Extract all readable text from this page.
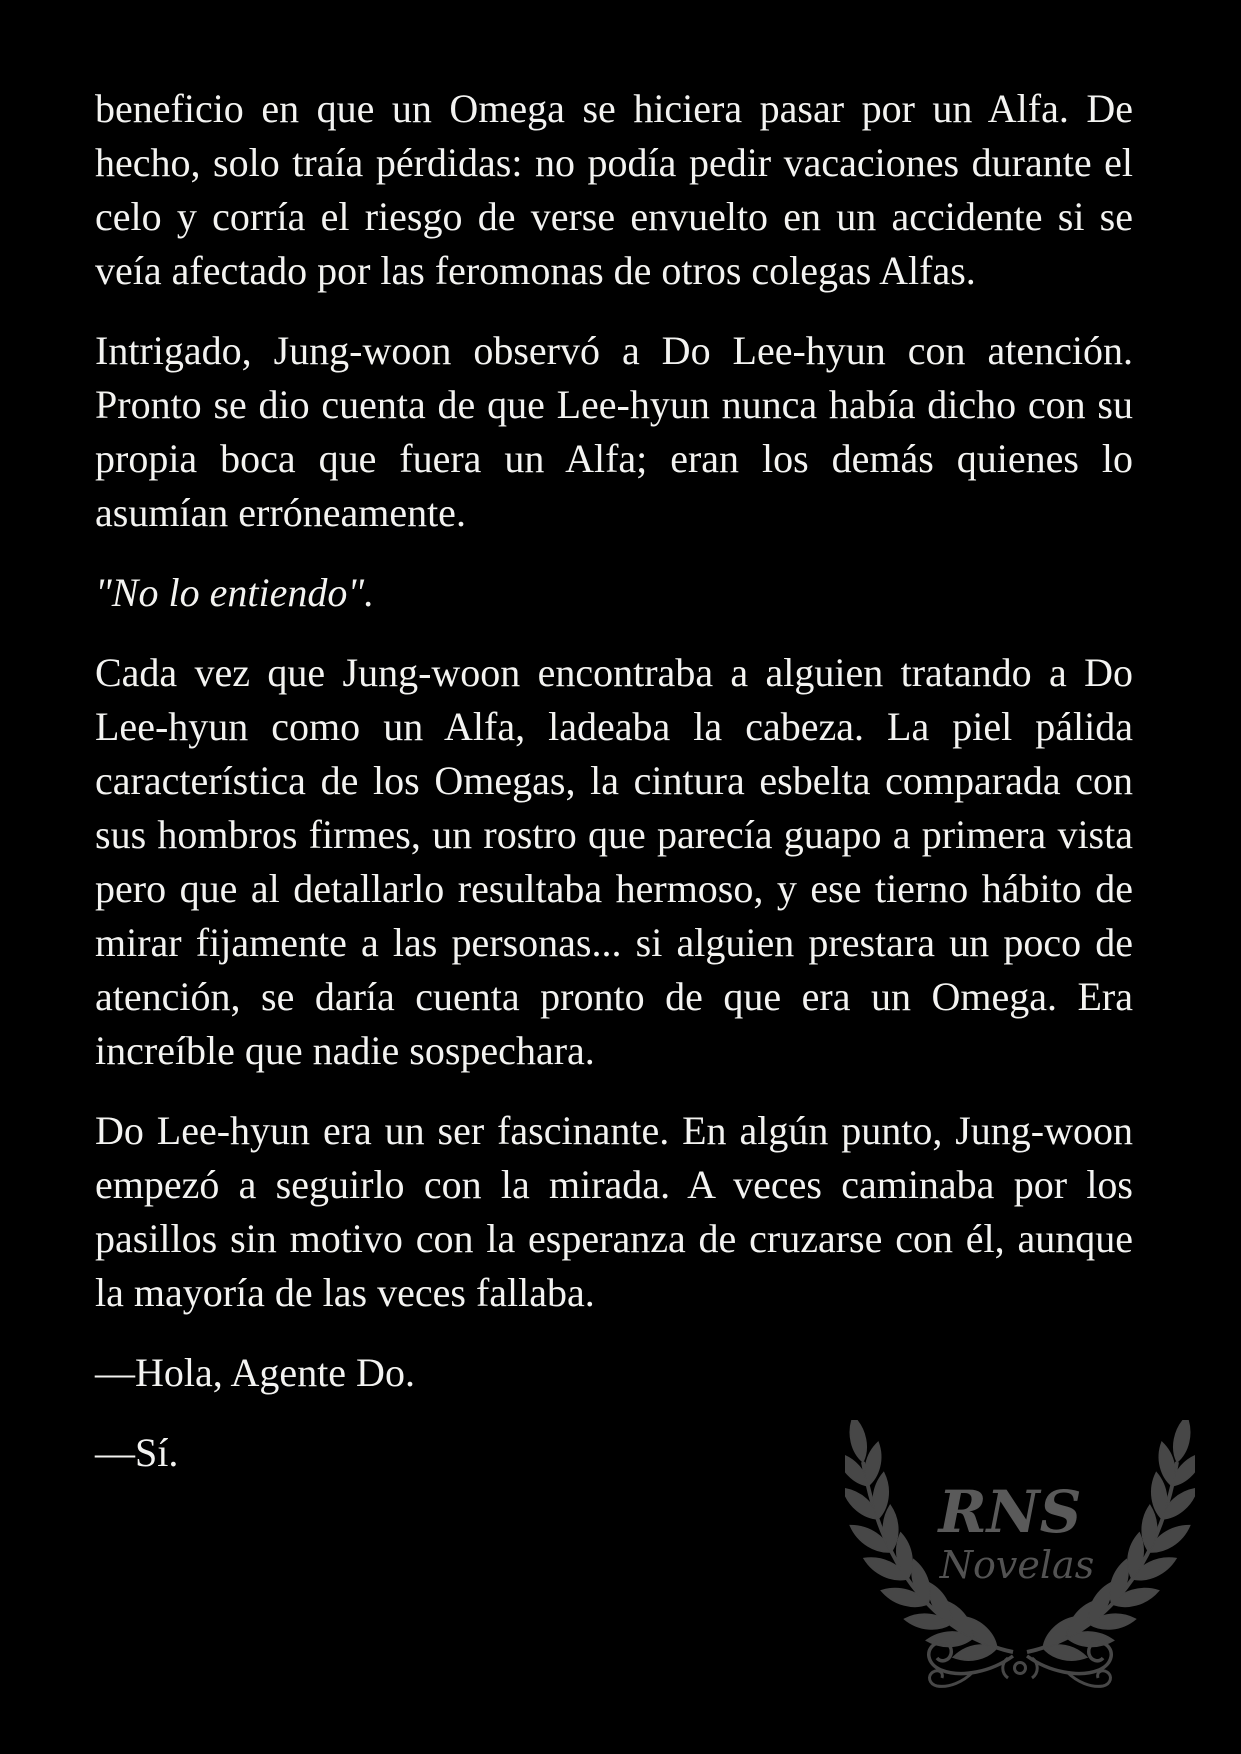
beneficio en que un Omega se hiciera pasar por un Alfa. De hecho, solo traía pérdidas: no podía pedir vacaciones durante el celo y corría el riesgo de verse envuelto en un accidente si se veía afectado por las feromonas de otros colegas Alfas.

Intrigado, Jung-woon observó a Do Lee-hyun con atención. Pronto se dio cuenta de que Lee-hyun nunca había dicho con su propia boca que fuera un Alfa; eran los demás quienes lo asumían erróneamente.

"No lo entiendo".

Cada vez que Jung-woon encontraba a alguien tratando a Do Lee-hyun como un Alfa, ladeaba la cabeza. La piel pálida característica de los Omegas, la cintura esbelta comparada con sus hombros firmes, un rostro que parecía guapo a primera vista pero que al detallarlo resultaba hermoso, y ese tierno hábito de mirar fijamente a las personas... si alguien prestara un poco de atención, se daría cuenta pronto de que era un Omega. Era increíble que nadie sospechara.

Do Lee-hyun era un ser fascinante. En algún punto, Jung-woon empezó a seguirlo con la mirada. A veces caminaba por los pasillos sin motivo con la esperanza de cruzarse con él, aunque la mayoría de las veces fallaba.

—Hola, Agente Do.

—Sí.

RNS
Novelas
